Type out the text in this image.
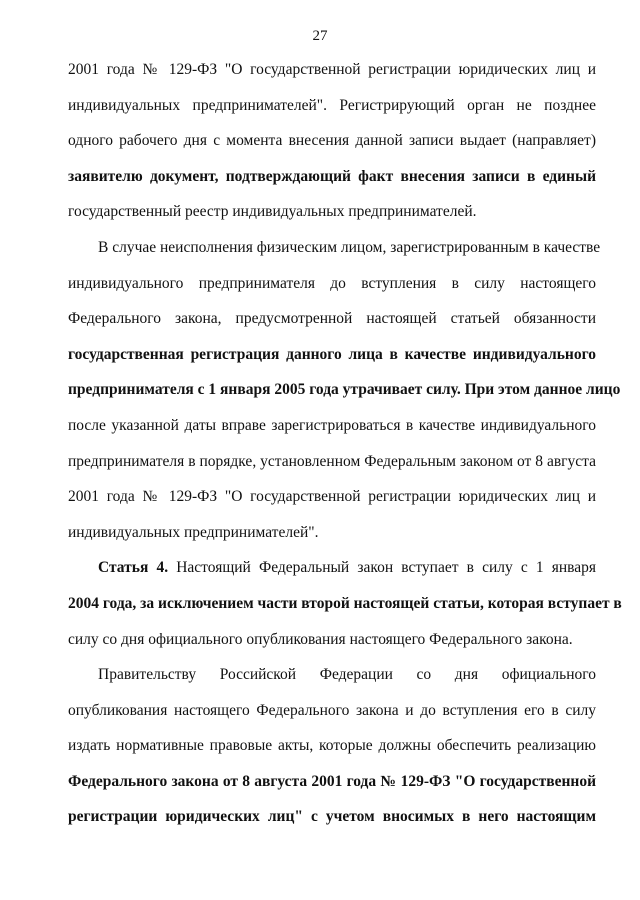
27
2001 года № 129-ФЗ "О государственной регистрации юридических лиц и
индивидуальных предпринимателей". Регистрирующий орган не позднее
одного рабочего дня с момента внесения данной записи выдает (направляет)
заявителю документ, подтверждающий факт внесения записи в единый
государственный реестр индивидуальных предпринимателей.
В случае неисполнения физическим лицом, зарегистрированным в качестве
индивидуального предпринимателя до вступления в силу настоящего
Федерального закона, предусмотренной настоящей статьей обязанности
государственная регистрация данного лица в качестве индивидуального
предпринимателя с 1 января 2005 года утрачивает силу. При этом данное лицо
после указанной даты вправе зарегистрироваться в качестве индивидуального
предпринимателя в порядке, установленном Федеральным законом от 8 августа
2001 года № 129-ФЗ "О государственной регистрации юридических лиц и
индивидуальных предпринимателей".
Статья 4. Настоящий Федеральный закон вступает в силу с 1 января
2004 года, за исключением части второй настоящей статьи, которая вступает в
силу со дня официального опубликования настоящего Федерального закона.
Правительству Российской Федерации со дня официального
опубликования настоящего Федерального закона и до вступления его в силу
издать нормативные правовые акты, которые должны обеспечить реализацию
Федерального закона от 8 августа 2001 года № 129-ФЗ "О государственной
регистрации юридических лиц" с учетом вносимых в него настоящим
